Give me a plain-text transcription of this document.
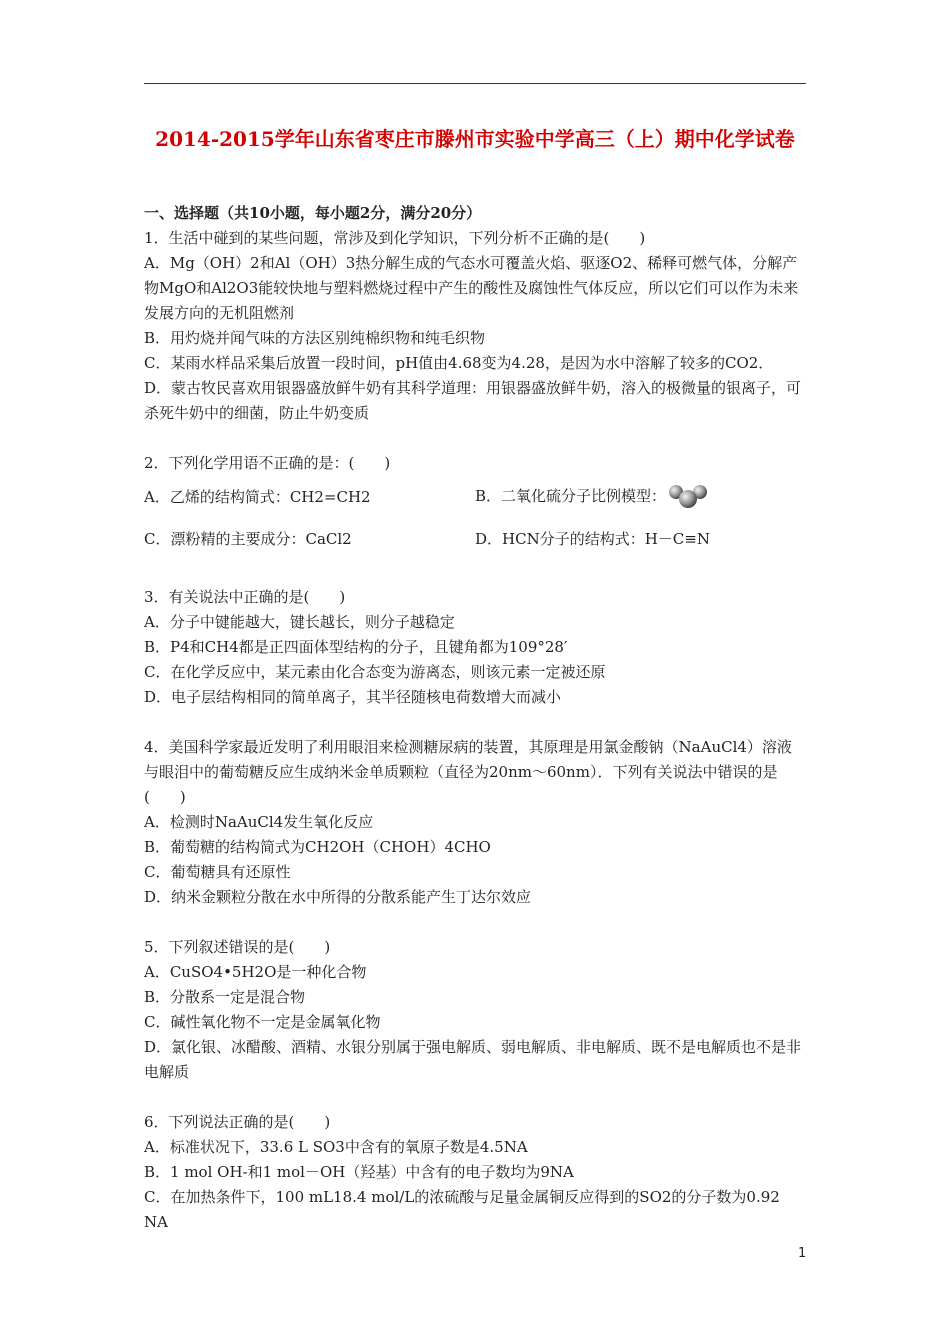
2014-2015学年山东省枣庄市滕州市实验中学高三（上）期中化学试卷

一、选择题（共10小题，每小题2分，满分20分）

1．生活中碰到的某些问题，常涉及到化学知识，下列分析不正确的是(　　)

A．Mg（OH）2和Al（OH）3热分解生成的气态水可覆盖火焰、驱逐O2、稀释可燃气体，分解产物MgO和Al2O3能较快地与塑料燃烧过程中产生的酸性及腐蚀性气体反应，所以它们可以作为未来发展方向的无机阻燃剂

B．用灼烧并闻气味的方法区别纯棉织物和纯毛织物

C．某雨水样品采集后放置一段时间，pH值由4.68变为4.28，是因为水中溶解了较多的CO2．

D．蒙古牧民喜欢用银器盛放鲜牛奶有其科学道理：用银器盛放鲜牛奶，溶入的极微量的银离子，可杀死牛奶中的细菌，防止牛奶变质

2．下列化学用语不正确的是：(　　)

A．乙烯的结构简式：CH2=CH2	B．二氧化硫分子比例模型：
C．漂粉精的主要成分：CaCl2	D．HCN分子的结构式：H－C≡N

3．有关说法中正确的是(　　)

A．分子中键能越大，键长越长，则分子越稳定

B．P4和CH4都是正四面体型结构的分子，且键角都为109°28′

C．在化学反应中，某元素由化合态变为游离态，则该元素一定被还原

D．电子层结构相同的简单离子，其半径随核电荷数增大而减小

4．美国科学家最近发明了利用眼泪来检测糖尿病的装置，其原理是用氯金酸钠（NaAuCl4）溶液与眼泪中的葡萄糖反应生成纳米金单质颗粒（直径为20nm～60nm）．下列有关说法中错误的是(　　)

A．检测时NaAuCl4发生氧化反应

B．葡萄糖的结构简式为CH2OH（CHOH）4CHO

C．葡萄糖具有还原性

D．纳米金颗粒分散在水中所得的分散系能产生丁达尔效应

5．下列叙述错误的是(　　)

A．CuSO4•5H2O是一种化合物

B．分散系一定是混合物

C．碱性氧化物不一定是金属氧化物

D．氯化银、冰醋酸、酒精、水银分别属于强电解质、弱电解质、非电解质、既不是电解质也不是非电解质

6．下列说法正确的是(　　)

A．标准状况下，33.6 L SO3中含有的氧原子数是4.5NA

B．1 mol OH-和1 mol－OH（羟基）中含有的电子数均为9NA

C．在加热条件下，100 mL18.4 mol/L的浓硫酸与足量金属铜反应得到的SO2的分子数为0.92 NA

1
